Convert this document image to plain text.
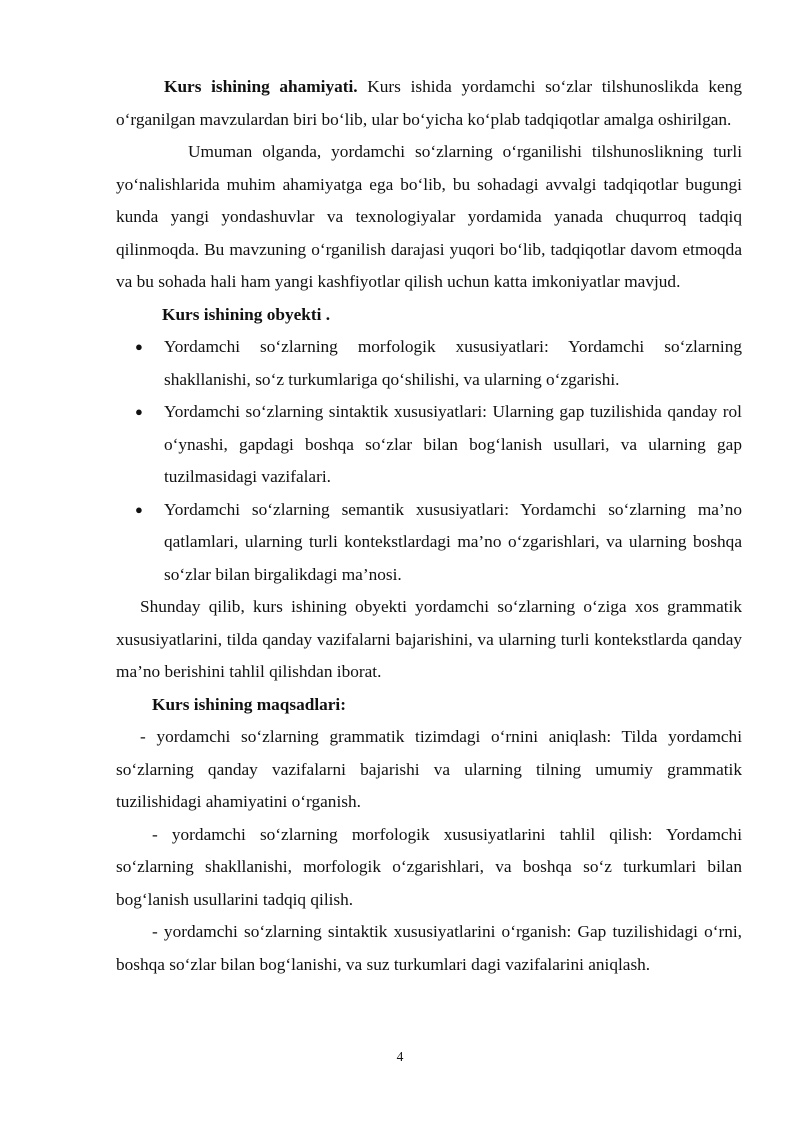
Kurs ishining ahamiyati. Kurs ishida yordamchi so‘zlar tilshunoslikda keng o‘rganilgan mavzulardan biri bo‘lib, ular bo‘yicha ko‘plab tadqiqotlar amalga oshirilgan.

Umuman olganda, yordamchi so‘zlarning o‘rganilishi tilshunoslikning turli yo‘nalishlarida muhim ahamiyatga ega bo‘lib, bu sohadagi avvalgi tadqiqotlar bugungi kunda yangi yondashuvlar va texnologiyalar yordamida yanada chuqurroq tadqiq qilinmoqda. Bu mavzuning o‘rganilish darajasi yuqori bo‘lib, tadqiqotlar davom etmoqda va bu sohada hali ham yangi kashfiyotlar qilish uchun katta imkoniyatlar mavjud.

Kurs ishining obyekti .

● Yordamchi so‘zlarning morfologik xususiyatlari: Yordamchi so‘zlarning shakllanishi, so‘z turkumlariga qo‘shilishi, va ularning o‘zgarishi.
● Yordamchi so‘zlarning sintaktik xususiyatlari: Ularning gap tuzilishida qanday rol o‘ynashi, gapdagi boshqa so‘zlar bilan bog‘lanish usullari, va ularning gap tuzilmasidagi vazifalari.
● Yordamchi so‘zlarning semantik xususiyatlari: Yordamchi so‘zlarning ma’no qatlamlari, ularning turli kontekstlardagi ma’no o‘zgarishlari, va ularning boshqa so‘zlar bilan birgalikdagi ma’nosi.

Shunday qilib, kurs ishining obyekti yordamchi so‘zlarning o‘ziga xos grammatik xususiyatlarini, tilda qanday vazifalarni bajarishini, va ularning turli kontekstlarda qanday ma’no berishini tahlil qilishdan iborat.

Kurs ishining maqsadlari:

- yordamchi so‘zlarning grammatik tizimdagi o‘rnini aniqlash: Tilda yordamchi so‘zlarning qanday vazifalarni bajarishi va ularning tilning umumiy grammatik tuzilishidagi ahamiyatini o‘rganish.

- yordamchi so‘zlarning morfologik xususiyatlarini tahlil qilish: Yordamchi so‘zlarning shakllanishi, morfologik o‘zgarishlari, va boshqa so‘z turkumlari bilan bog‘lanish usullarini tadqiq qilish.

- yordamchi so‘zlarning sintaktik xususiyatlarini o‘rganish: Gap tuzilishidagi o‘rni, boshqa so‘zlar bilan bog‘lanishi, va suz turkumlari dagi vazifalarini aniqlash.

4
